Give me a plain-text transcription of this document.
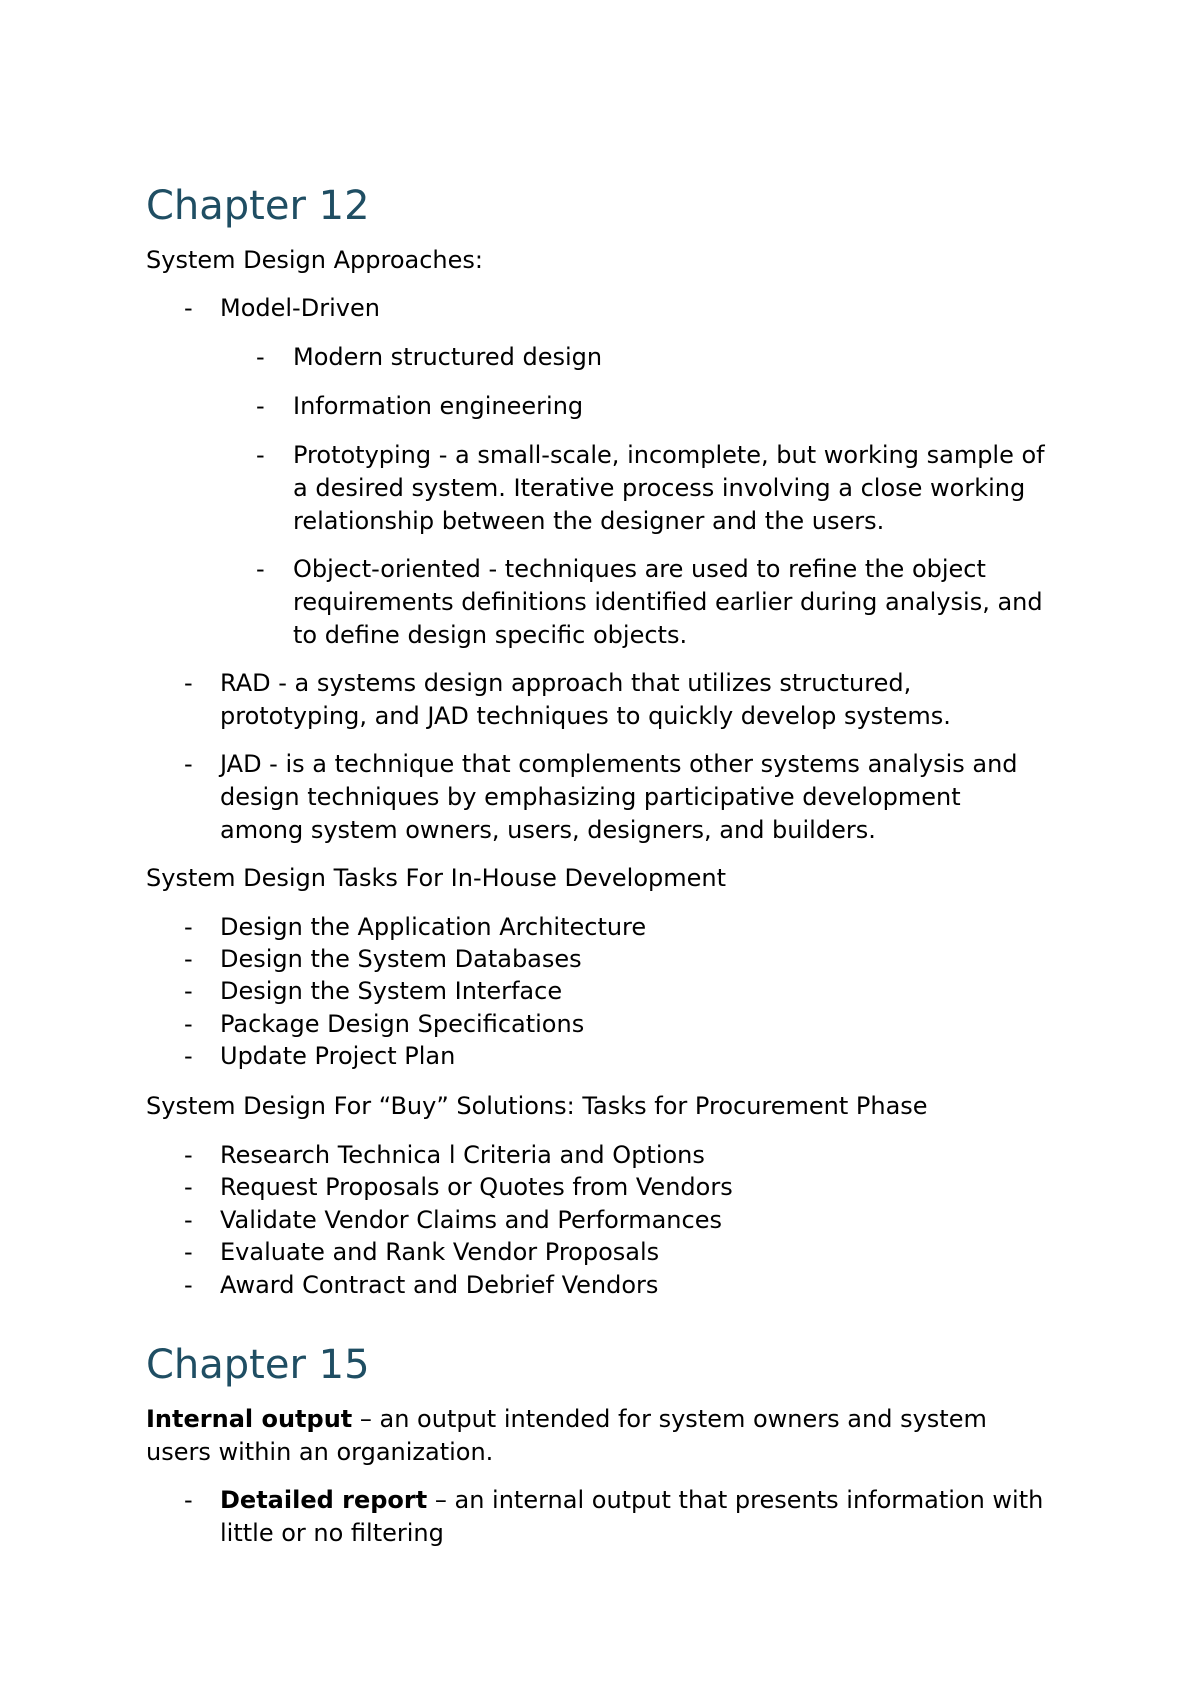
Chapter 12
System Design Approaches:
- Model-Driven
- Modern structured design
- Information engineering
- Prototyping - a small-scale, incomplete, but working sample of
a desired system. Iterative process involving a close working
relationship between the designer and the users.
- Object-oriented - techniques are used to refine the object
requirements definitions identified earlier during analysis, and
to define design specific objects.
- RAD - a systems design approach that utilizes structured,
prototyping, and JAD techniques to quickly develop systems.
- JAD - is a technique that complements other systems analysis and
design techniques by emphasizing participative development
among system owners, users, designers, and builders.
System Design Tasks For In-House Development
- Design the Application Architecture
- Design the System Databases
- Design the System Interface
- Package Design Specifications
- Update Project Plan
System Design For “Buy” Solutions: Tasks for Procurement Phase
- Research Technica l Criteria and Options
- Request Proposals or Quotes from Vendors
- Validate Vendor Claims and Performances
- Evaluate and Rank Vendor Proposals
- Award Contract and Debrief Vendors
Chapter 15
Internal output – an output intended for system owners and system
users within an organization.
- Detailed report – an internal output that presents information with
little or no filtering
